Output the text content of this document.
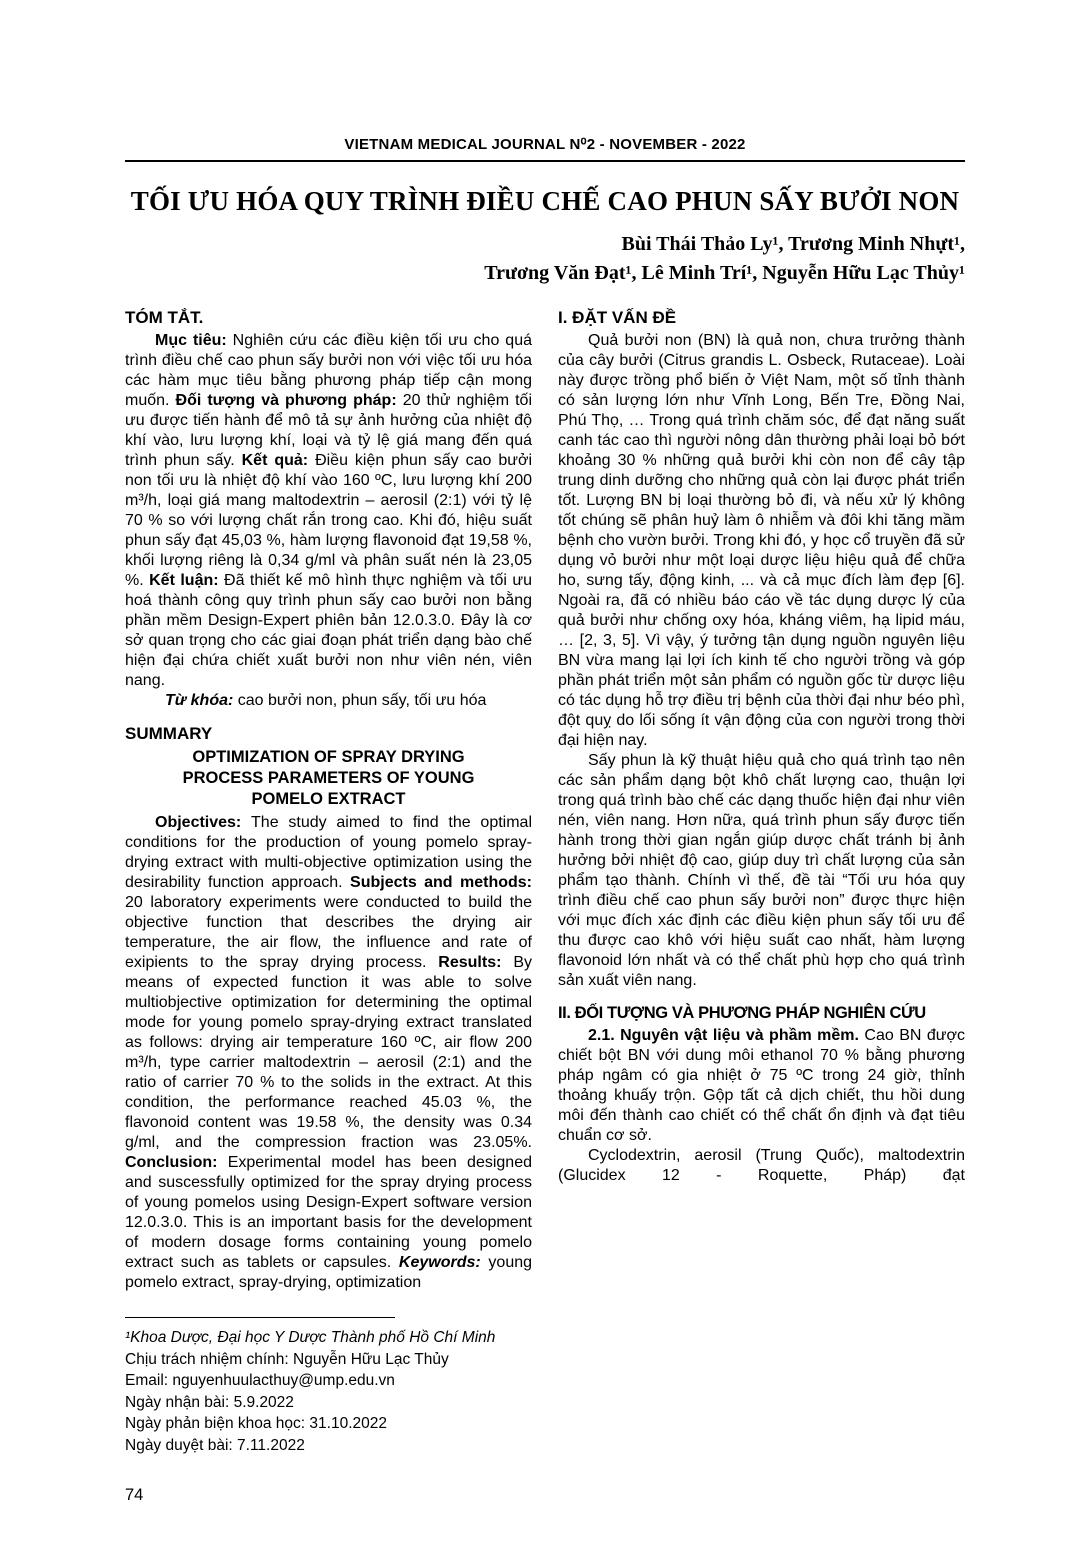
VIETNAM MEDICAL JOURNAL N⁰2 - NOVEMBER - 2022
TỐI ƯU HÓA QUY TRÌNH ĐIỀU CHẾ CAO PHUN SẤY BƯỞI NON
Bùi Thái Thảo Ly¹, Trương Minh Nhựt¹,
Trương Văn Đạt¹, Lê Minh Trí¹, Nguyễn Hữu Lạc Thủy¹
TÓM TẮT.

Mục tiêu: Nghiên cứu các điều kiện tối ưu cho quá trình điều chế cao phun sấy bưởi non với việc tối ưu hóa các hàm mục tiêu bằng phương pháp tiếp cận mong muốn. Đối tượng và phương pháp: 20 thử nghiệm tối ưu được tiến hành để mô tả sự ảnh hưởng của nhiệt độ khí vào, lưu lượng khí, loại và tỷ lệ giá mang đến quá trình phun sấy. Kết quả: Điều kiện phun sấy cao bưởi non tối ưu là nhiệt độ khí vào 160 ºC, lưu lượng khí 200 m³/h, loại giá mang maltodextrin – aerosil (2:1) với tỷ lệ 70 % so với lượng chất rắn trong cao. Khi đó, hiệu suất phun sấy đạt 45,03 %, hàm lượng flavonoid đạt 19,58 %, khối lượng riêng là 0,34 g/ml và phân suất nén là 23,05 %. Kết luận: Đã thiết kế mô hình thực nghiệm và tối ưu hoá thành công quy trình phun sấy cao bưởi non bằng phần mềm Design-Expert phiên bản 12.0.3.0. Đây là cơ sở quan trọng cho các giai đoạn phát triển dạng bào chế hiện đại chứa chiết xuất bưởi non như viên nén, viên nang.

Từ khóa: cao bưởi non, phun sấy, tối ưu hóa

SUMMARY
OPTIMIZATION OF SPRAY DRYING PROCESS PARAMETERS OF YOUNG POMELO EXTRACT

Objectives: The study aimed to find the optimal conditions for the production of young pomelo spray-drying extract with multi-objective optimization using the desirability function approach. Subjects and methods: 20 laboratory experiments were conducted to build the objective function that describes the drying air temperature, the air flow, the influence and rate of exipients to the spray drying process. Results: By means of expected function it was able to solve multiobjective optimization for determining the optimal mode for young pomelo spray-drying extract translated as follows: drying air temperature 160 ºC, air flow 200 m³/h, type carrier maltodextrin – aerosil (2:1) and the ratio of carrier 70 % to the solids in the extract. At this condition, the performance reached 45.03 %, the flavonoid content was 19.58 %, the density was 0.34 g/ml, and the compression fraction was 23.05%. Conclusion: Experimental model has been designed and suscessfully optimized for the spray drying process of young pomelos using Design-Expert software version 12.0.3.0. This is an important basis for the development of modern dosage forms containing young pomelo extract such as tablets or capsules. Keywords: young pomelo extract, spray-drying, optimization

¹Khoa Dược, Đại học Y Dược Thành phố Hồ Chí Minh
Chịu trách nhiệm chính: Nguyễn Hữu Lạc Thủy
Email: nguyenhuulacthuy@ump.edu.vn
Ngày nhận bài: 5.9.2022
Ngày phản biện khoa học: 31.10.2022
Ngày duyệt bài: 7.11.2022
74
I. ĐẶT VẤN ĐỀ

Quả bưởi non (BN) là quả non, chưa trưởng thành của cây bưởi (Citrus grandis L. Osbeck, Rutaceae). Loài này được trồng phổ biến ở Việt Nam, một số tỉnh thành có sản lượng lớn như Vĩnh Long, Bến Tre, Đồng Nai, Phú Thọ, … Trong quá trình chăm sóc, để đạt năng suất canh tác cao thì người nông dân thường phải loại bỏ bớt khoảng 30 % những quả bưởi khi còn non để cây tập trung dinh dưỡng cho những quả còn lại được phát triển tốt. Lượng BN bị loại thường bỏ đi, và nếu xử lý không tốt chúng sẽ phân huỷ làm ô nhiễm và đôi khi tăng mầm bệnh cho vườn bưởi. Trong khi đó, y học cổ truyền đã sử dụng vỏ bưởi như một loại dược liệu hiệu quả để chữa ho, sưng tấy, động kinh, ... và cả mục đích làm đẹp [6]. Ngoài ra, đã có nhiều báo cáo về tác dụng dược lý của quả bưởi như chống oxy hóa, kháng viêm, hạ lipid máu, … [2, 3, 5]. Vì vậy, ý tưởng tận dụng nguồn nguyên liệu BN vừa mang lại lợi ích kinh tế cho người trồng và góp phần phát triển một sản phẩm có nguồn gốc từ dược liệu có tác dụng hỗ trợ điều trị bệnh của thời đại như béo phì, đột quỵ do lối sống ít vận động của con người trong thời đại hiện nay.

Sấy phun là kỹ thuật hiệu quả cho quá trình tạo nên các sản phẩm dạng bột khô chất lượng cao, thuận lợi trong quá trình bào chế các dạng thuốc hiện đại như viên nén, viên nang. Hơn nữa, quá trình phun sấy được tiến hành trong thời gian ngắn giúp dược chất tránh bị ảnh hưởng bởi nhiệt độ cao, giúp duy trì chất lượng của sản phẩm tạo thành. Chính vì thế, đề tài “Tối ưu hóa quy trình điều chế cao phun sấy bưởi non” được thực hiện với mục đích xác định các điều kiện phun sấy tối ưu để thu được cao khô với hiệu suất cao nhất, hàm lượng flavonoid lớn nhất và có thể chất phù hợp cho quá trình sản xuất viên nang.

II. ĐỐI TƯỢNG VÀ PHƯƠNG PHÁP NGHIÊN CỨU

2.1. Nguyên vật liệu và phầm mềm. Cao BN được chiết bột BN với dung môi ethanol 70 % bằng phương pháp ngâm có gia nhiệt ở 75 ºC trong 24 giờ, thỉnh thoảng khuấy trộn. Gộp tất cả dịch chiết, thu hồi dung môi đến thành cao chiết có thể chất ổn định và đạt tiêu chuẩn cơ sở.

Cyclodextrin, aerosil (Trung Quốc), maltodextrin (Glucidex 12 - Roquette, Pháp) đạt
